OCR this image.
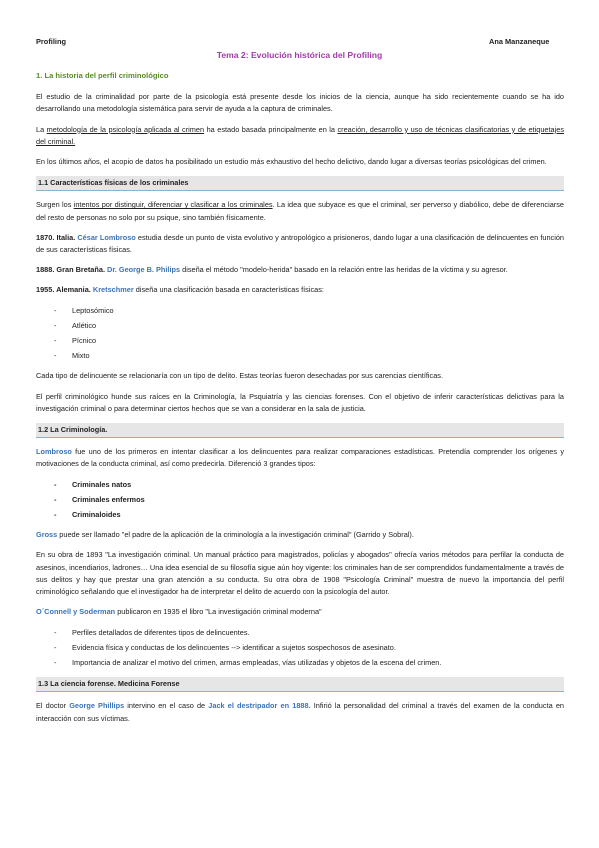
Profiling	Ana Manzaneque
Tema 2: Evolución histórica del Profiling
1. La historia del perfil criminológico

El estudio de la criminalidad por parte de la psicología está presente desde los inicios de la ciencia, aunque ha sido recientemente cuando se ha ido desarrollando una metodología sistemática para servir de ayuda a la captura de criminales.

La metodología de la psicología aplicada al crimen ha estado basada principalmente en la creación, desarrollo y uso de técnicas clasificatorias y de etiquetajes del criminal.

En los últimos años, el acopio de datos ha posibilitado un estudio más exhaustivo del hecho delictivo, dando lugar a diversas teorías psicológicas del crimen.

1.1 Características físicas de los criminales

Surgen los intentos por distinguir, diferenciar y clasificar a los criminales. La idea que subyace es que el criminal, ser perverso y diabólico, debe de diferenciarse del resto de personas no solo por su psique, sino también físicamente.

1870. Italia. César Lombroso estudia desde un punto de vista evolutivo y antropológico a prisioneros, dando lugar a una clasificación de delincuentes en función de sus características físicas.

1888. Gran Bretaña. Dr. George B. Philips diseña el método "modelo-herida" basado en la relación entre las heridas de la víctima y su agresor.

1955. Alemania. Kretschmer diseña una clasificación basada en características físicas:

- Leptosómico
- Atlético
- Pícnico
- Mixto

Cada tipo de delincuente se relacionaría con un tipo de delito. Estas teorías fueron desechadas por sus carencias científicas.

El perfil criminológico hunde sus raíces en la Criminología, la Psquiatría y las ciencias forenses. Con el objetivo de inferir características delictivas para la investigación criminal o para determinar ciertos hechos que se van a considerar en la sala de justicia.

1.2 La Criminología.

Lombroso fue uno de los primeros en intentar clasificar a los delincuentes para realizar comparaciones estadísticas. Pretendía comprender los orígenes y motivaciones de la conducta criminal, así como predecirla. Diferenció 3 grandes tipos:

- Criminales natos
- Criminales enfermos
- Criminaloides

Gross puede ser llamado "el padre de la aplicación de la criminología a la investigación criminal" (Garrido y Sobral).

En su obra de 1893 "La investigación criminal. Un manual práctico para magistrados, policías y abogados" ofrecía varios métodos para perfilar la conducta de asesinos, incendiarios, ladrones… Una idea esencial de su filosofía sigue aún hoy vigente: los criminales han de ser comprendidos fundamentalmente a través de sus delitos y hay que prestar una gran atención a su conducta. Su otra obra de 1908 "Psicología Criminal" muestra de nuevo la importancia del perfil criminológico señalando que el investigador ha de interpretar el delito de acuerdo con la psicología del autor.

O´Connell y Soderman publicaron en 1935 el libro "La investigación criminal moderna"

- Perfiles detallados de diferentes tipos de delincuentes.
- Evidencia física y conductas de los delincuentes --> identificar a sujetos sospechosos de asesinato.
- Importancia de analizar el motivo del crimen, armas empleadas, vías utilizadas y objetos de la escena del crimen.
1.3 La ciencia forense. Medicina Forense

El doctor George Phillips intervino en el caso de Jack el destripador en 1888. Infirió la personalidad del criminal a través del examen de la conducta en interacción con sus víctimas.
